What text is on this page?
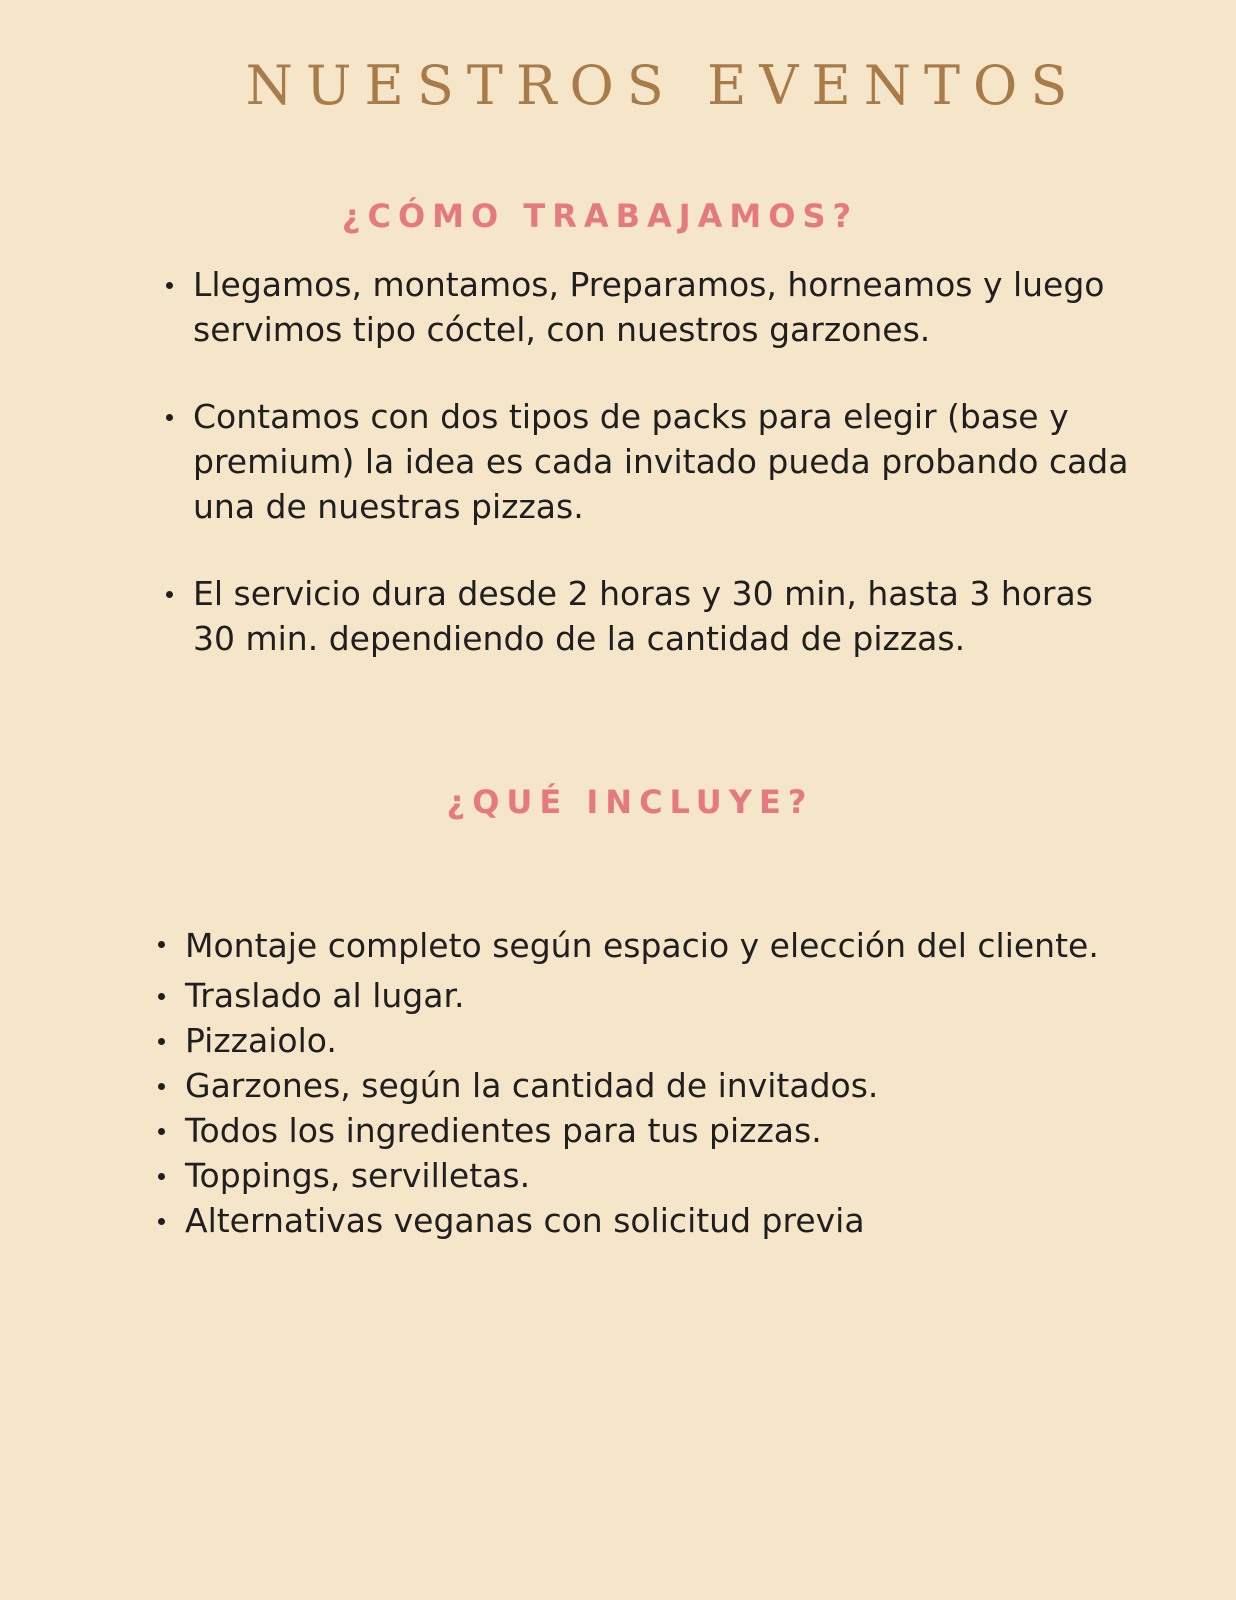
NUESTROS EVENTOS
¿CÓMO TRABAJAMOS?
Llegamos, montamos, Preparamos, horneamos y luego servimos tipo cóctel, con nuestros garzones.
Contamos con dos tipos de packs para elegir (base y premium) la idea es cada invitado pueda probando cada una de nuestras pizzas.
El servicio dura desde 2 horas y 30 min, hasta 3 horas 30 min. dependiendo de la cantidad de pizzas.
¿QUÉ INCLUYE?
Montaje completo según espacio y elección del cliente.
Traslado al lugar.
Pizzaiolo.
Garzones, según la cantidad de invitados.
Todos los ingredientes para tus pizzas.
Toppings, servilletas.
Alternativas veganas con solicitud previa
